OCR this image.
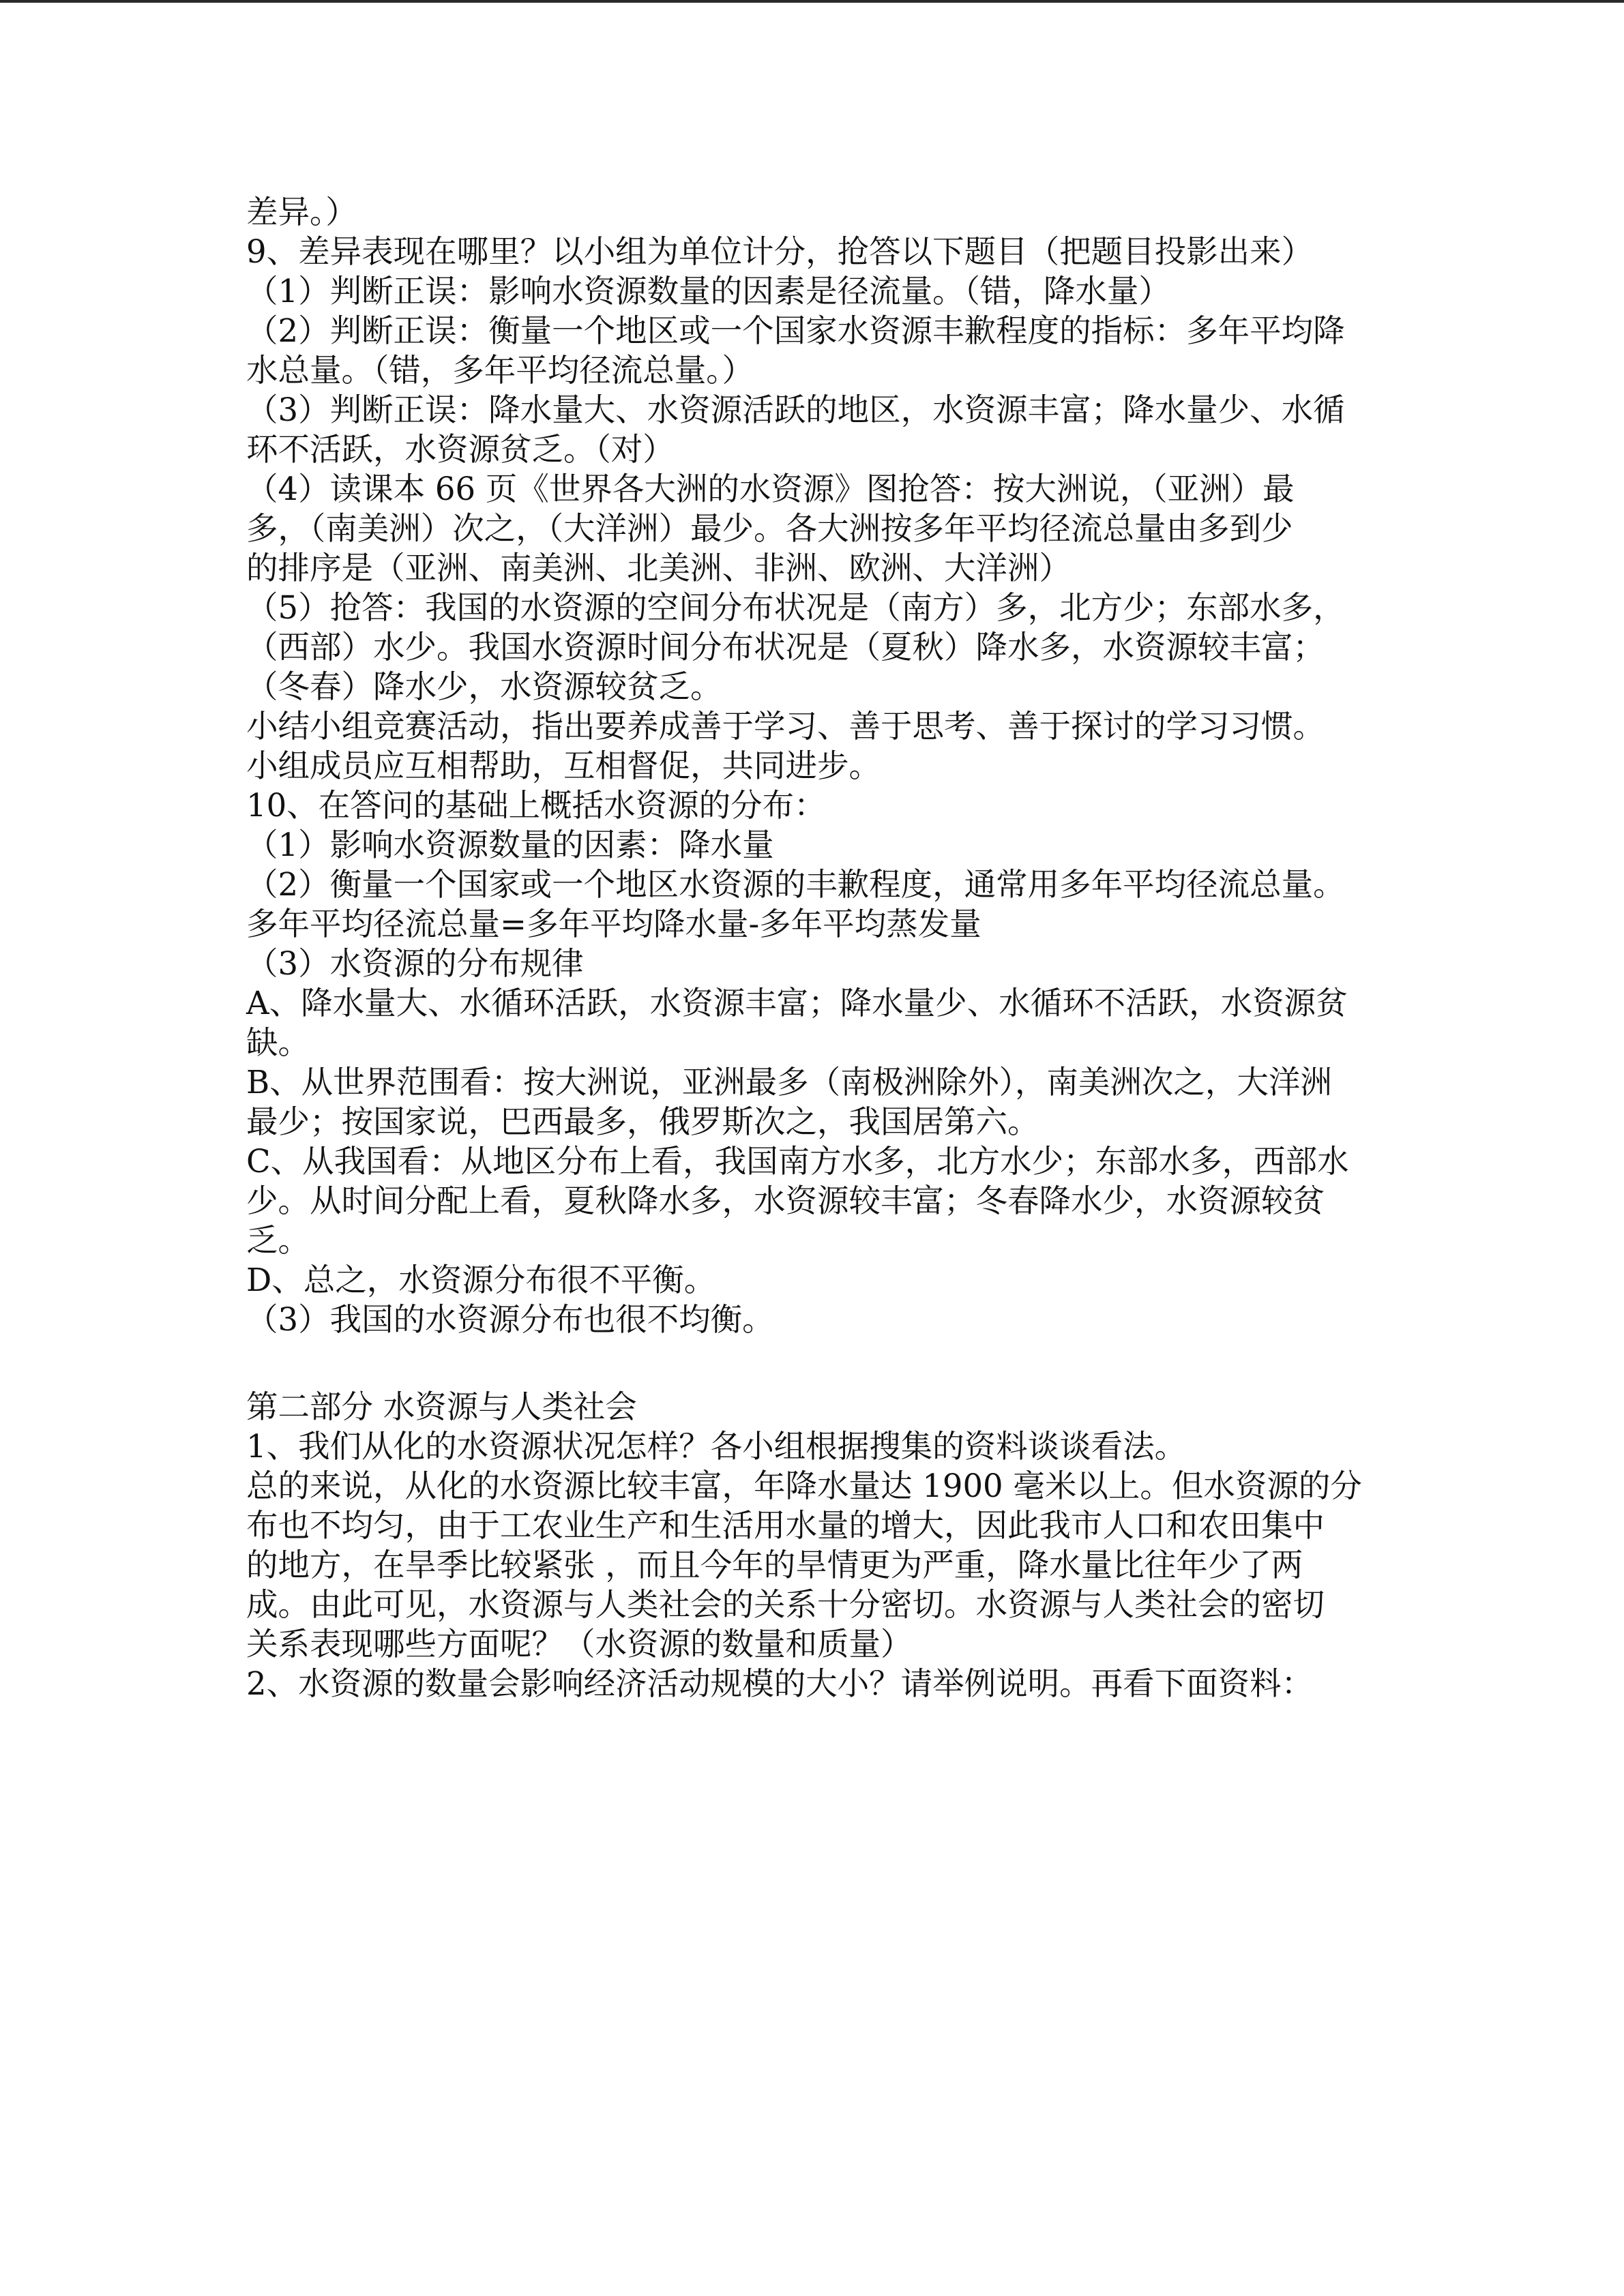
差异。）
9、差异表现在哪里？以小组为单位计分，抢答以下题目（把题目投影出来）
（1）判断正误：影响水资源数量的因素是径流量。（错，降水量）
（2）判断正误：衡量一个地区或一个国家水资源丰歉程度的指标：多年平均降
水总量。（错，多年平均径流总量。）
（3）判断正误：降水量大、水资源活跃的地区，水资源丰富；降水量少、水循
环不活跃，水资源贫乏。（对）
（4）读课本 66 页《世界各大洲的水资源》图抢答：按大洲说，（亚洲）最
多，（南美洲）次之，（大洋洲）最少。各大洲按多年平均径流总量由多到少
的排序是（亚洲、南美洲、北美洲、非洲、欧洲、大洋洲）
（5）抢答：我国的水资源的空间分布状况是（南方）多，北方少；东部水多，
（西部）水少。我国水资源时间分布状况是（夏秋）降水多，水资源较丰富；
（冬春）降水少，水资源较贫乏。
小结小组竞赛活动，指出要养成善于学习、善于思考、善于探讨的学习习惯。
小组成员应互相帮助，互相督促，共同进步。
10、在答问的基础上概括水资源的分布：
（1）影响水资源数量的因素：降水量
（2）衡量一个国家或一个地区水资源的丰歉程度，通常用多年平均径流总量。
多年平均径流总量=多年平均降水量-多年平均蒸发量
（3）水资源的分布规律
A、降水量大、水循环活跃，水资源丰富；降水量少、水循环不活跃，水资源贫
缺。
B、从世界范围看：按大洲说，亚洲最多（南极洲除外），南美洲次之，大洋洲
最少；按国家说，巴西最多，俄罗斯次之，我国居第六。
C、从我国看：从地区分布上看，我国南方水多，北方水少；东部水多，西部水
少。从时间分配上看，夏秋降水多，水资源较丰富；冬春降水少，水资源较贫
乏。
D、总之，水资源分布很不平衡。
（3）我国的水资源分布也很不均衡。
第二部分 水资源与人类社会
1、我们从化的水资源状况怎样？各小组根据搜集的资料谈谈看法。
总的来说，从化的水资源比较丰富，年降水量达 1900 毫米以上。但水资源的分
布也不均匀，由于工农业生产和生活用水量的增大，因此我市人口和农田集中
的地方，在旱季比较紧张 ，而且今年的旱情更为严重，降水量比往年少了两
成。由此可见，水资源与人类社会的关系十分密切。水资源与人类社会的密切
关系表现哪些方面呢？（水资源的数量和质量）
2、水资源的数量会影响经济活动规模的大小？请举例说明。再看下面资料：
